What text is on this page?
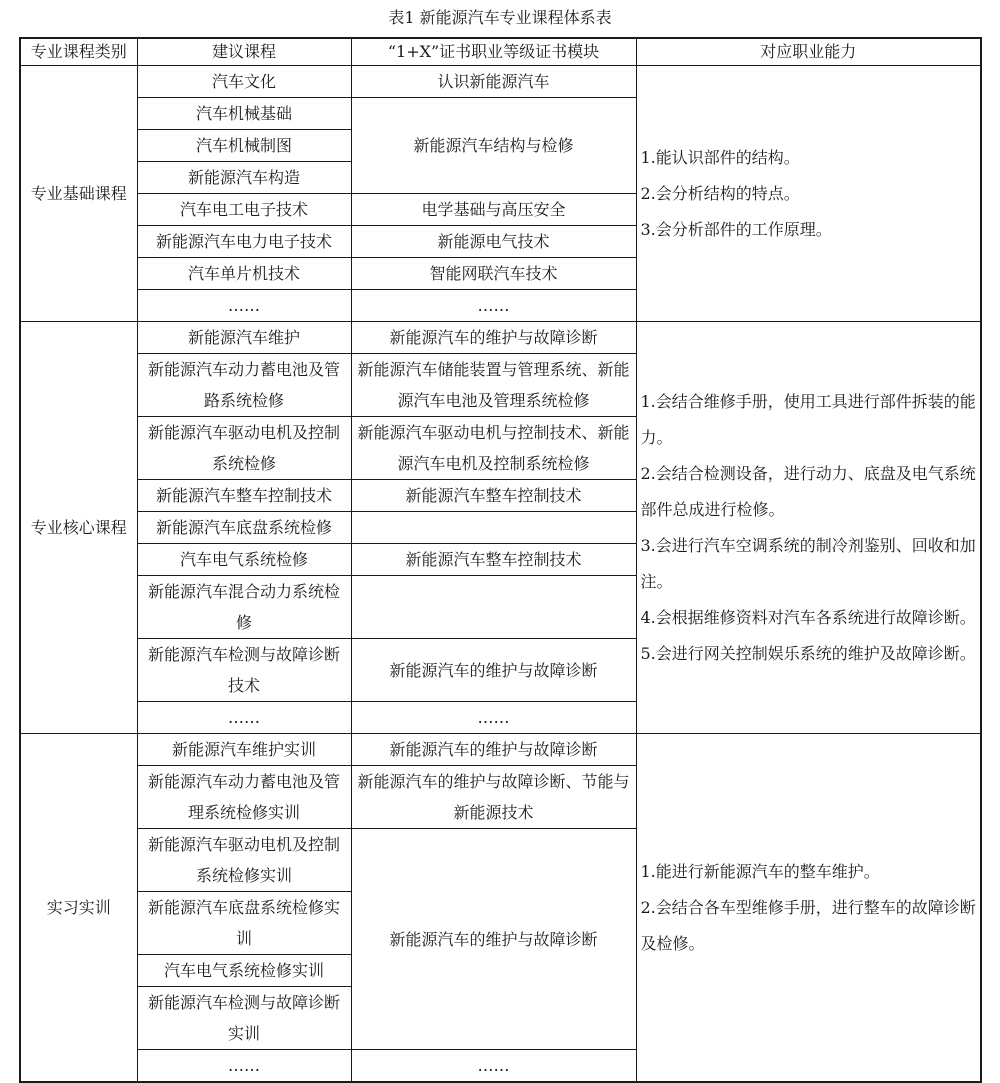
表1 新能源汽车专业课程体系表
专业课程类别	建议课程	“1+X”证书职业等级证书模块	对应职业能力
专业基础课程	汽车文化	认识新能源汽车	1.能认识部件的结构。
2.会分析结构的特点。
3.会分析部件的工作原理。

	汽车机械基础	新能源汽车结构与检修	
	汽车机械制图		
	新能源汽车构造		
	汽车电工电子技术	电学基础与高压安全	
	新能源汽车电力电子技术	新能源电气技术	
	汽车单片机技术	智能网联汽车技术	
	……	……	
专业核心课程	新能源汽车维护	新能源汽车的维护与故障诊断	1.会结合维修手册，使用工具进行部件拆装的能力。
2.会结合检测设备，进行动力、底盘及电气系统部件总成进行检修。
3.会进行汽车空调系统的制冷剂鉴别、回收和加注。
4.会根据维修资料对汽车各系统进行故障诊断。
5.会进行网关控制娱乐系统的维护及故障诊断。

	新能源汽车动力蓄电池及管路系统检修	新能源汽车储能装置与管理系统、新能源汽车电池及管理系统检修	
	新能源汽车驱动电机及控制系统检修	新能源汽车驱动电机与控制技术、新能源汽车电机及控制系统检修	
	新能源汽车整车控制技术	新能源汽车整车控制技术	
	新能源汽车底盘系统检修		
	汽车电气系统检修	新能源汽车整车控制技术	
	新能源汽车混合动力系统检修		
	新能源汽车检测与故障诊断技术	新能源汽车的维护与故障诊断	
	……	……	
实习实训	新能源汽车维护实训	新能源汽车的维护与故障诊断	1.能进行新能源汽车的整车维护。
2.会结合各车型维修手册，进行整车的故障诊断及检修。

	新能源汽车动力蓄电池及管理系统检修实训	新能源汽车的维护与故障诊断、节能与新能源技术	
	新能源汽车驱动电机及控制系统检修实训	新能源汽车的维护与故障诊断	
	新能源汽车底盘系统检修实训		
	汽车电气系统检修实训		
	新能源汽车检测与故障诊断实训		
	……	……	
